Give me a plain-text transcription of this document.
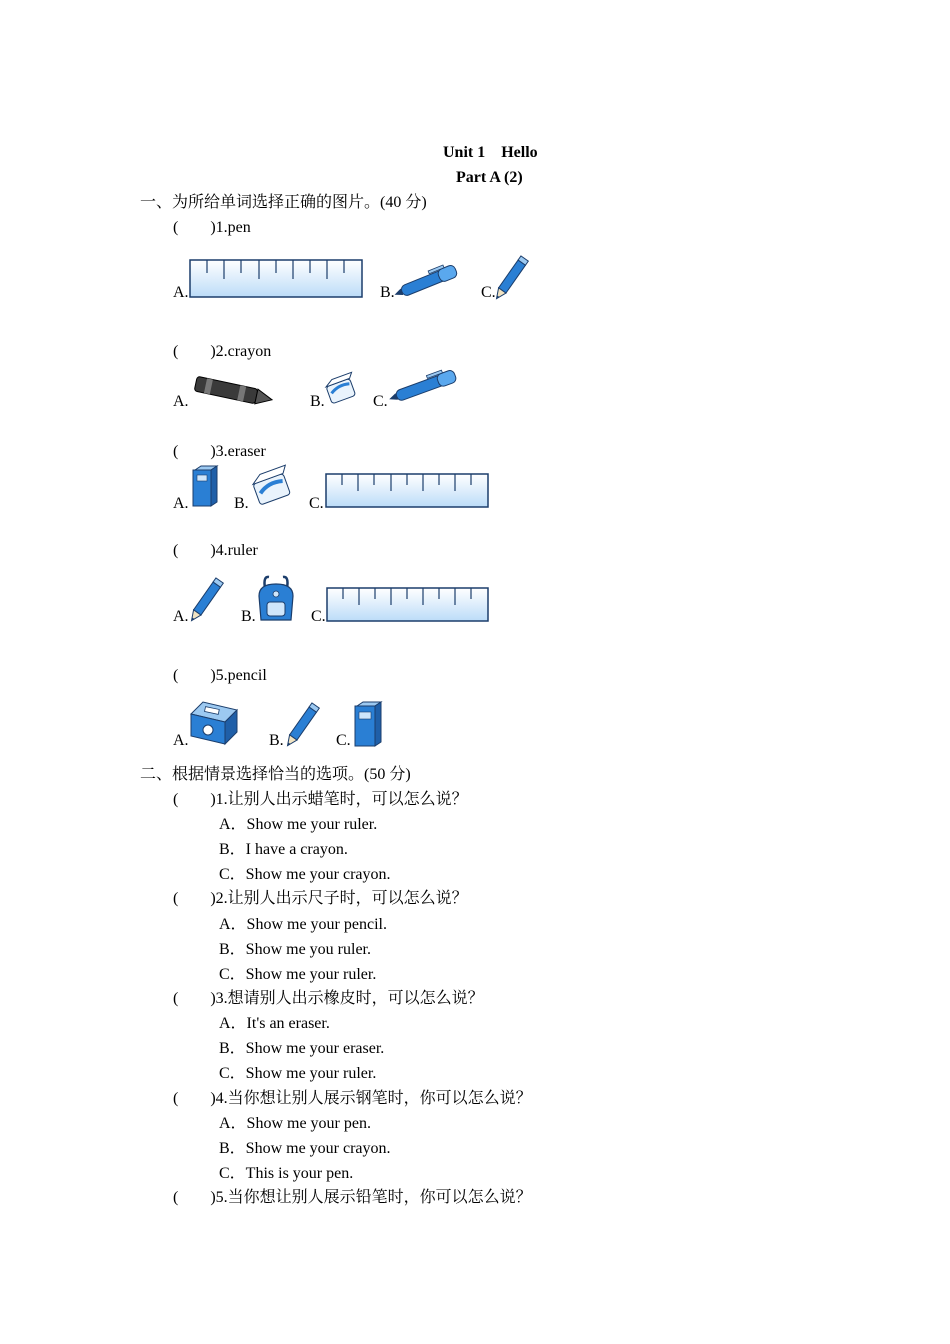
Unit 1　Hello
Part A (2)
一、为所给单词选择正确的图片。(40 分)
(　　)1.pen
A.	B.	C.
(　　)2.crayon
A.	B.	C.
(　　)3.eraser
A.	B.	C.
(　　)4.ruler
A.	B.	C.
(　　)5.pencil
A.	B.	C.
二、根据情景选择恰当的选项。(50 分)
(　　)1.让别人出示蜡笔时，可以怎么说？
A．Show me your ruler.
B．I have a crayon.
C．Show me your crayon.
(　　)2.让别人出示尺子时，可以怎么说？
A．Show me your pencil.
B．Show me you ruler.
C．Show me your ruler.
(　　)3.想请别人出示橡皮时，可以怎么说？
A．It's an eraser.
B．Show me your eraser.
C．Show me your ruler.
(　　)4.当你想让别人展示钢笔时，你可以怎么说？
A．Show me your pen.
B．Show me your crayon.
C．This is your pen.
(　　)5.当你想让别人展示铅笔时，你可以怎么说？
